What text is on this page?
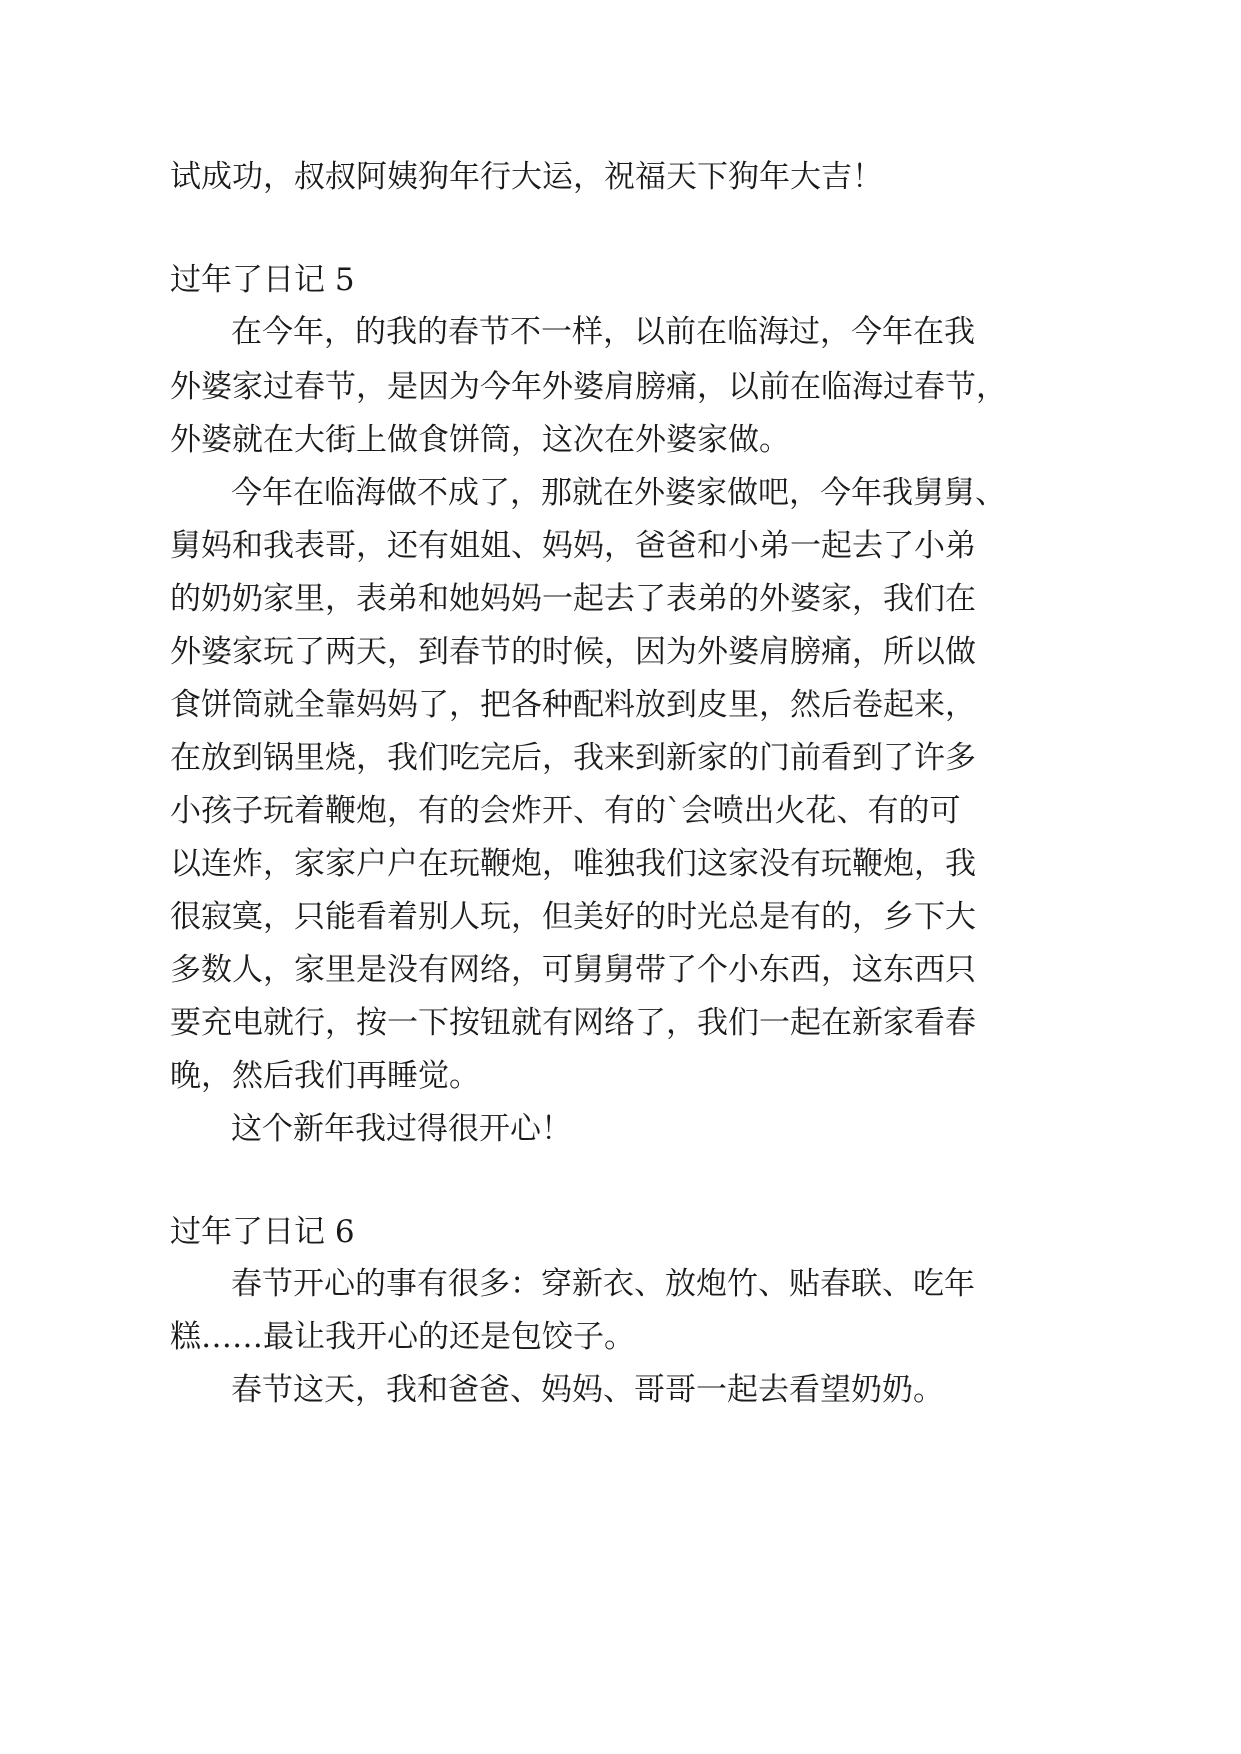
试成功，叔叔阿姨狗年行大运，祝福天下狗年大吉！
过年了日记 5
在今年，的我的春节不一样，以前在临海过，今年在我
外婆家过春节，是因为今年外婆肩膀痛，以前在临海过春节，
外婆就在大街上做食饼筒，这次在外婆家做。
今年在临海做不成了，那就在外婆家做吧，今年我舅舅、
舅妈和我表哥，还有姐姐、妈妈，爸爸和小弟一起去了小弟
的奶奶家里，表弟和她妈妈一起去了表弟的外婆家，我们在
外婆家玩了两天，到春节的时候，因为外婆肩膀痛，所以做
食饼筒就全靠妈妈了，把各种配料放到皮里，然后卷起来，
在放到锅里烧，我们吃完后，我来到新家的门前看到了许多
小孩子玩着鞭炮，有的会炸开、有的`会喷出火花、有的可
以连炸，家家户户在玩鞭炮，唯独我们这家没有玩鞭炮，我
很寂寞，只能看着别人玩，但美好的时光总是有的，乡下大
多数人，家里是没有网络，可舅舅带了个小东西，这东西只
要充电就行，按一下按钮就有网络了，我们一起在新家看春
晚，然后我们再睡觉。
这个新年我过得很开心！
过年了日记 6
春节开心的事有很多：穿新衣、放炮竹、贴春联、吃年
糕……最让我开心的还是包饺子。
春节这天，我和爸爸、妈妈、哥哥一起去看望奶奶。
